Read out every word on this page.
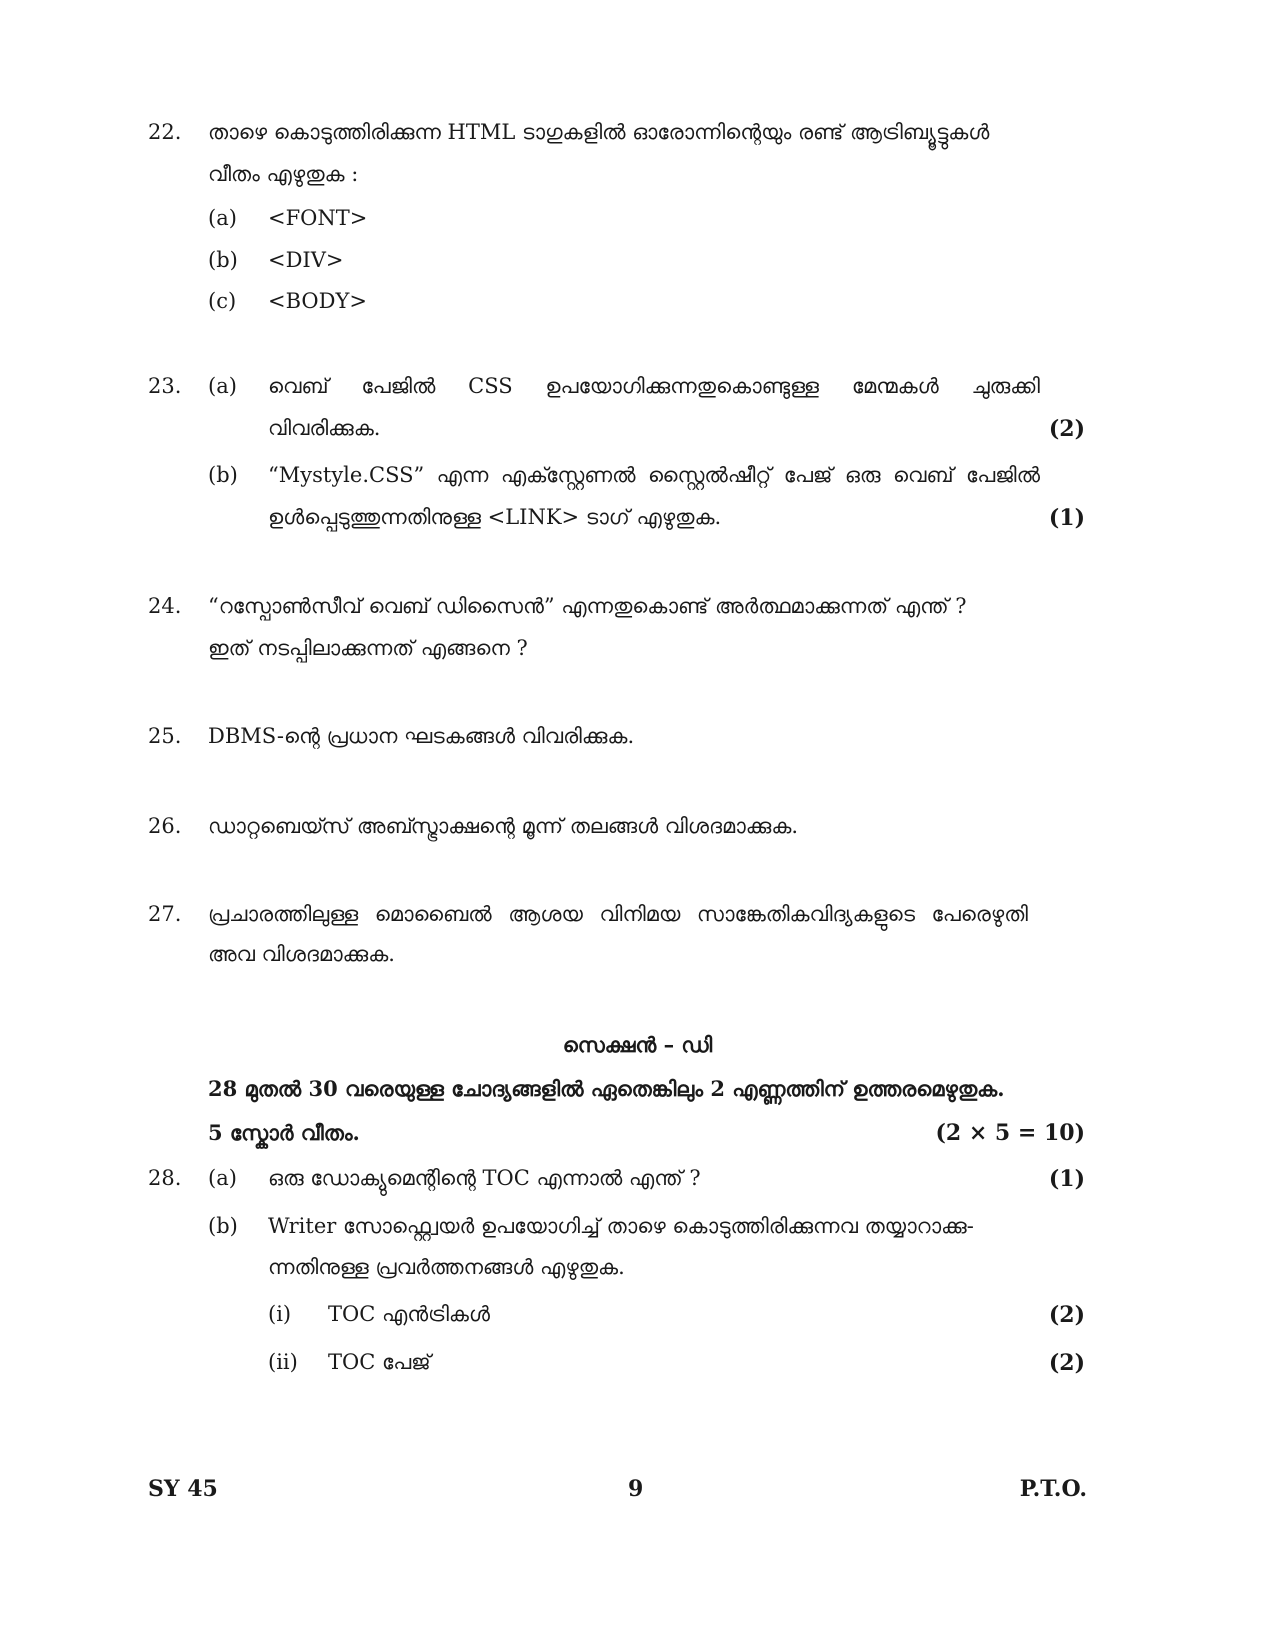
22. താഴെ കൊടുത്തിരിക്കുന്ന HTML ടാഗുകളിൽ ഓരോന്നിന്റെയും രണ്ട് ആട്രിബ്യൂട്ടുകൾ
വീതം എഴുതുക :
(a) <FONT>
(b) <DIV>
(c) <BODY>
23. (a) വെബ് പേജിൽ CSS ഉപയോഗിക്കുന്നതുകൊണ്ടുള്ള മേന്മകൾ ചുരുക്കി
വിവരിക്കുക.	(2)
(b) “Mystyle.CSS” എന്ന എക്സ്റ്റേണൽ സ്റ്റൈൽഷീറ്റ് പേജ് ഒരു വെബ് പേജിൽ
ഉൾപ്പെടുത്തുന്നതിനുള്ള <LINK> ടാഗ് എഴുതുക.	(1)
24. “റസ്പോൺസീവ് വെബ് ഡിസൈൻ” എന്നതുകൊണ്ട് അർത്ഥമാക്കുന്നത് എന്ത് ?
ഇത് നടപ്പിലാക്കുന്നത് എങ്ങനെ ?
25. DBMS-ന്റെ പ്രധാന ഘടകങ്ങൾ വിവരിക്കുക.
26. ഡാറ്റബെയ്സ് അബ്സ്ട്രാക്ഷന്റെ മൂന്ന് തലങ്ങൾ വിശദമാക്കുക.
27. പ്രചാരത്തിലുള്ള മൊബൈൽ ആശയ വിനിമയ സാങ്കേതികവിദ്യകളുടെ പേരെഴുതി
അവ വിശദമാക്കുക.
സെക്ഷൻ – ഡി
28 മുതൽ 30 വരെയുള്ള ചോദ്യങ്ങളിൽ ഏതെങ്കിലും 2 എണ്ണത്തിന് ഉത്തരമെഴുതുക.
5 സ്കോർ വീതം.	(2 × 5 = 10)
28. (a) ഒരു ഡോക്യുമെന്റിന്റെ TOC എന്നാൽ എന്ത് ?	(1)
(b) Writer സോഫ്റ്റ്വെയർ ഉപയോഗിച്ച് താഴെ കൊടുത്തിരിക്കുന്നവ തയ്യാറാക്കു-
ന്നതിനുള്ള പ്രവർത്തനങ്ങൾ എഴുതുക.
(i) TOC എൻട്രികൾ	(2)
(ii) TOC പേജ്	(2)
SY 45	9	P.T.O.
